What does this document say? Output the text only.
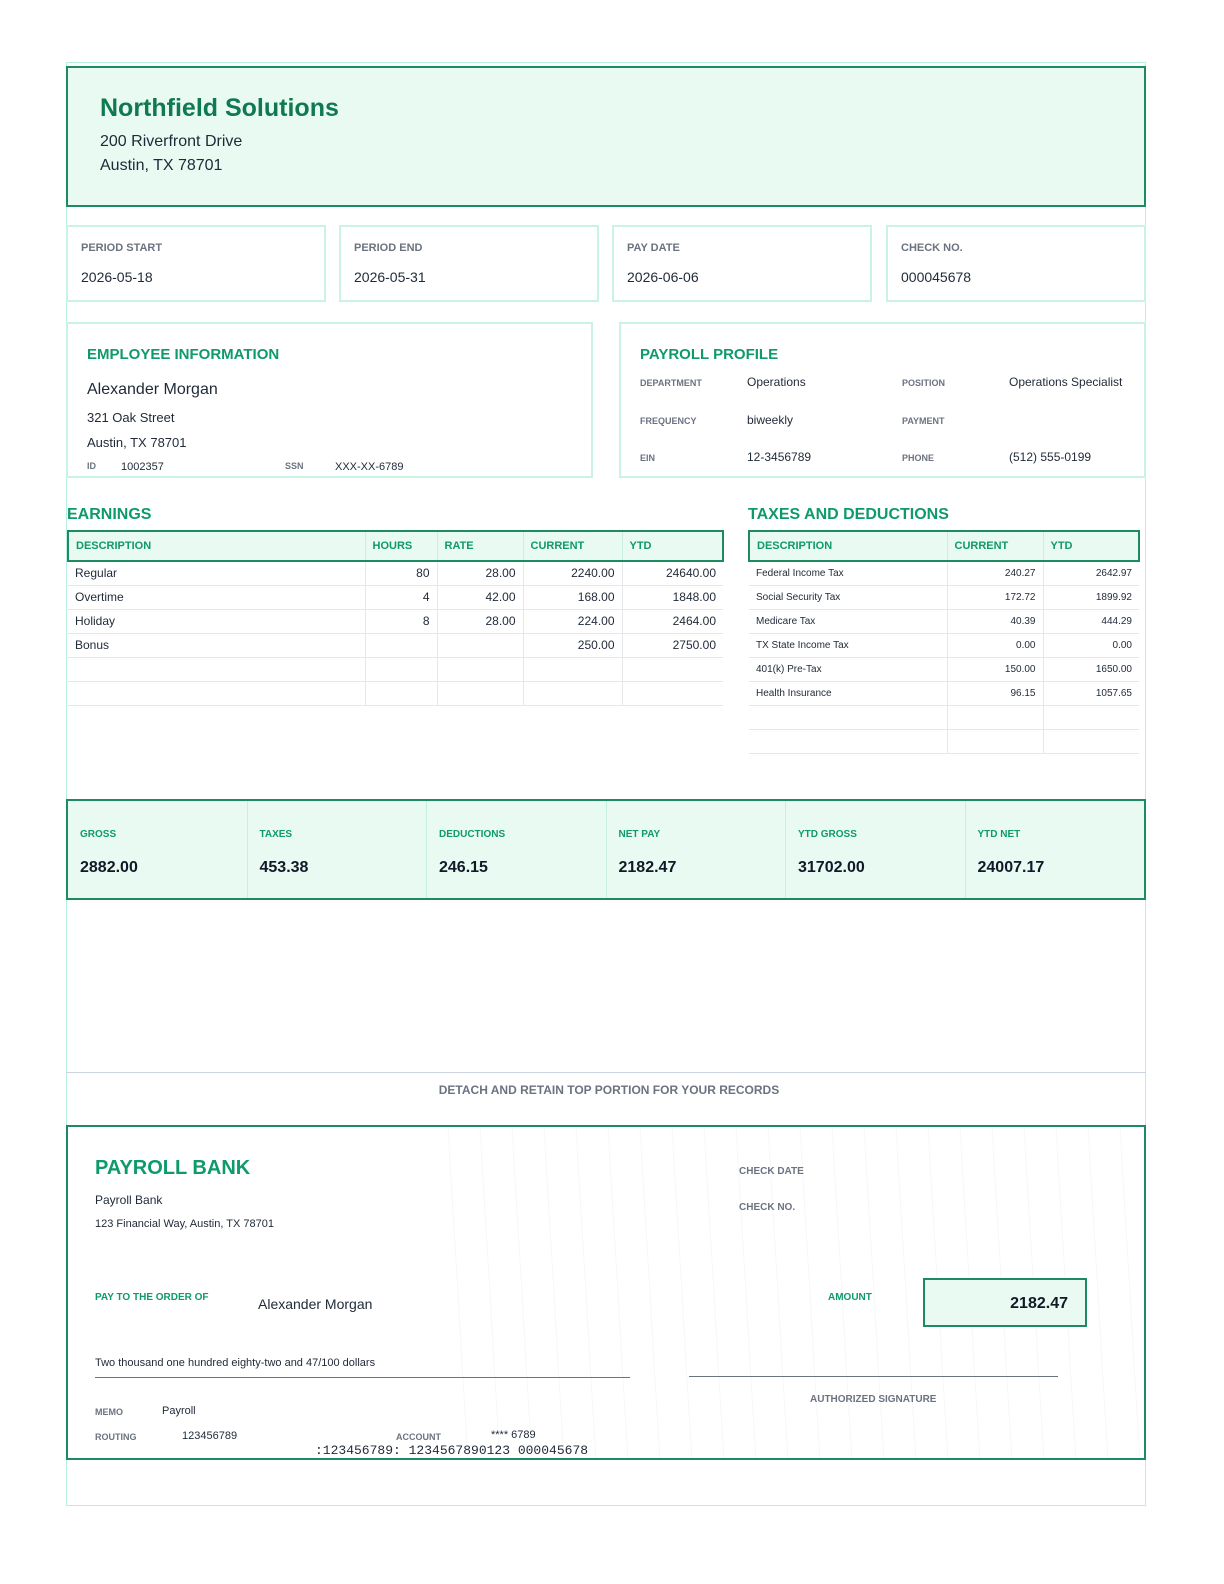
Northfield Solutions
200 Riverfront Drive
Austin, TX 78701
PERIOD START
2026-05-18
PERIOD END
2026-05-31
PAY DATE
2026-06-06
CHECK NO.
000045678
EMPLOYEE INFORMATION
Alexander Morgan
321 Oak Street
Austin, TX 78701
ID 1002357	SSN	XXX-XX-6789
PAYROLL PROFILE
DEPARTMENT	Operations	POSITION	Operations Specialist
FREQUENCY	biweekly	PAYMENT
EIN	12-3456789	PHONE	(512) 555-0199
EARNINGS
DESCRIPTION	HOURS	RATE	CURRENT	YTD
Regular	80	28.00	2240.00	24640.00
Overtime	4	42.00	168.00	1848.00
Holiday	8	28.00	224.00	2464.00
Bonus			250.00	2750.00

TAXES AND DEDUCTIONS
DESCRIPTION	CURRENT	YTD
Federal Income Tax	240.27	2642.97
Social Security Tax	172.72	1899.92
Medicare Tax	40.39	444.29
TX State Income Tax	0.00	0.00
401(k) Pre-Tax	150.00	1650.00
Health Insurance	96.15	1057.65

GROSS
2882.00
TAXES
453.38
DEDUCTIONS
246.15
NET PAY
2182.47
YTD GROSS
31702.00
YTD NET
24007.17
DETACH AND RETAIN TOP PORTION FOR YOUR RECORDS
PAYROLL BANK
Payroll Bank
123 Financial Way, Austin, TX 78701
CHECK DATE
CHECK NO.
PAY TO THE ORDER OF	Alexander Morgan	AMOUNT	2182.47
Two thousand one hundred eighty-two and 47/100 dollars
AUTHORIZED SIGNATURE
MEMO	Payroll
ROUTING	123456789	ACCOUNT	**** 6789
:123456789: 1234567890123 000045678
